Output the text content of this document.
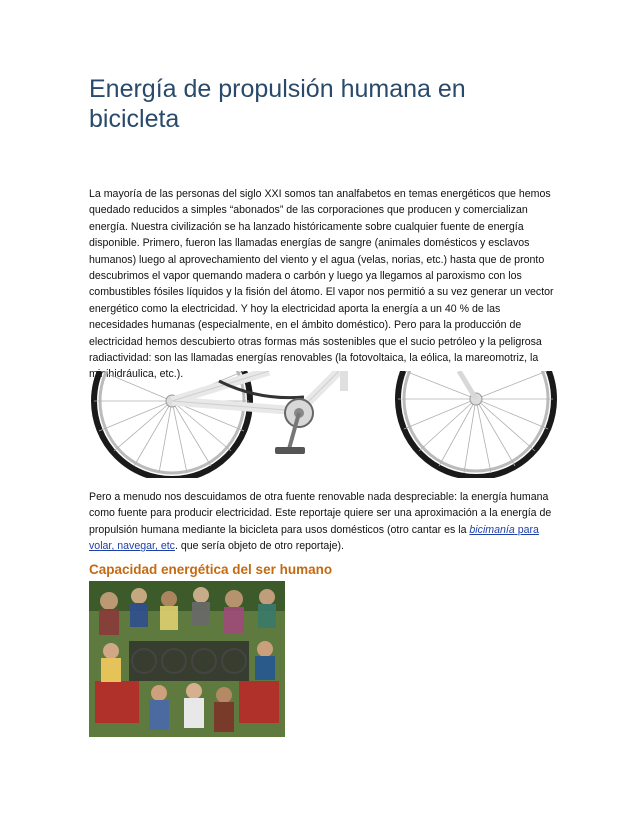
Energía de propulsión humana en bicicleta

La mayoría de las personas del siglo XXI somos tan analfabetos en temas energéticos que hemos quedado reducidos a simples “abonados” de las corporaciones que producen y comercializan energía. Nuestra civilización se ha lanzado históricamente sobre cualquier fuente de energía disponible. Primero, fueron las llamadas energías de sangre (animales domésticos y esclavos humanos) luego al aprovechamiento del viento y el agua (velas, norias, etc.) hasta que de pronto descubrimos el vapor quemando madera o carbón y luego ya llegamos al paroxismo con los combustibles fósiles líquidos y la fisión del átomo. El vapor nos permitió a su vez generar un vector energético como la electricidad. Y hoy la electricidad aporta la energía a un 40 % de las necesidades humanas (especialmente, en el ámbito doméstico). Pero para la producción de electricidad hemos descubierto otras formas más sostenibles que el sucio petróleo y la peligrosa radiactividad: son las llamadas energías renovables (la fotovoltaica, la eólica, la mareomotriz, la minihidráulica, etc.).

Pero a menudo nos descuidamos de otra fuente renovable nada despreciable: la energía humana como fuente para producir electricidad. Este reportaje quiere ser una aproximación a la energía de propulsión humana mediante la bicicleta para usos domésticos (otro cantar es la bicimanía para volar, navegar, etc. que sería objeto de otro reportaje).

Capacidad energética del ser humano
